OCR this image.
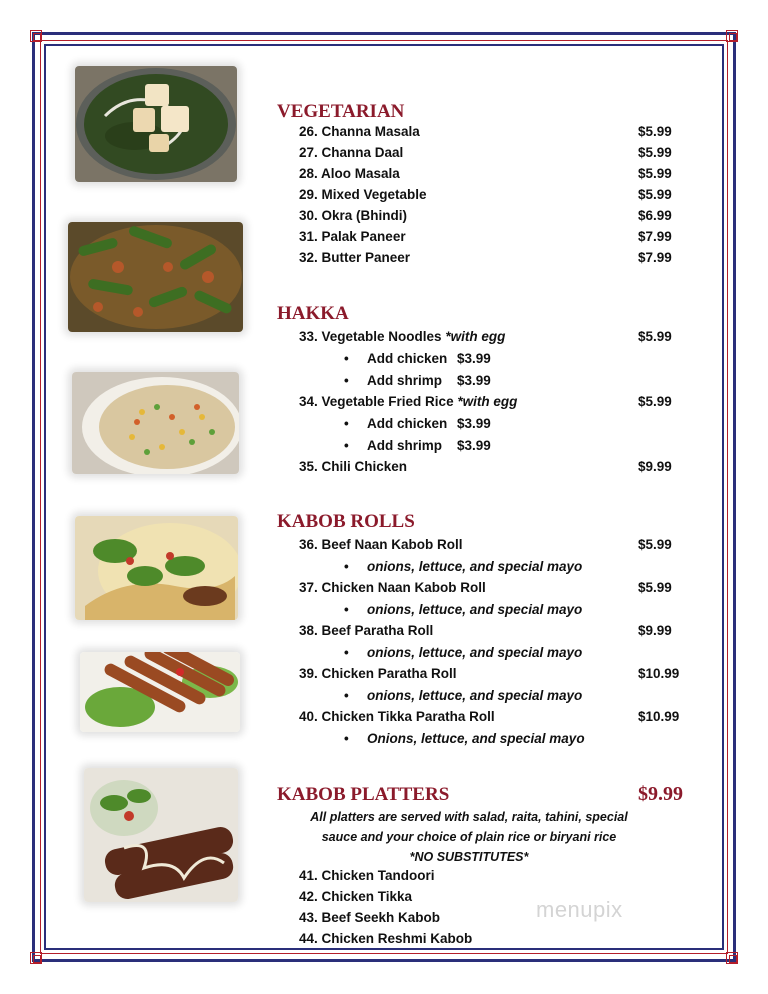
VEGETARIAN
26. Channa Masala	$5.99
27. Channa Daal	$5.99
28. Aloo Masala	$5.99
29. Mixed Vegetable	$5.99
30. Okra (Bhindi)	$6.99
31. Palak Paneer	$7.99
32. Butter Paneer	$7.99
HAKKA
33. Vegetable Noodles *with egg	$5.99
• Add chicken $3.99
• Add shrimp $3.99
34. Vegetable Fried Rice *with egg	$5.99
• Add chicken $3.99
• Add shrimp $3.99
35. Chili Chicken	$9.99
KABOB ROLLS
36. Beef Naan Kabob Roll	$5.99
• onions, lettuce, and special mayo
37. Chicken Naan Kabob Roll	$5.99
• onions, lettuce, and special mayo
38. Beef Paratha Roll	$9.99
• onions, lettuce, and special mayo
39. Chicken Paratha Roll	$10.99
• onions, lettuce, and special mayo
40. Chicken Tikka Paratha Roll	$10.99
• Onions, lettuce, and special mayo
KABOB PLATTERS	$9.99
All platters are served with salad, raita, tahini, special
sauce and your choice of plain rice or biryani rice
*NO SUBSTITUTES*
41. Chicken Tandoori
42. Chicken Tikka
43. Beef Seekh Kabob
44. Chicken Reshmi Kabob
menupix
